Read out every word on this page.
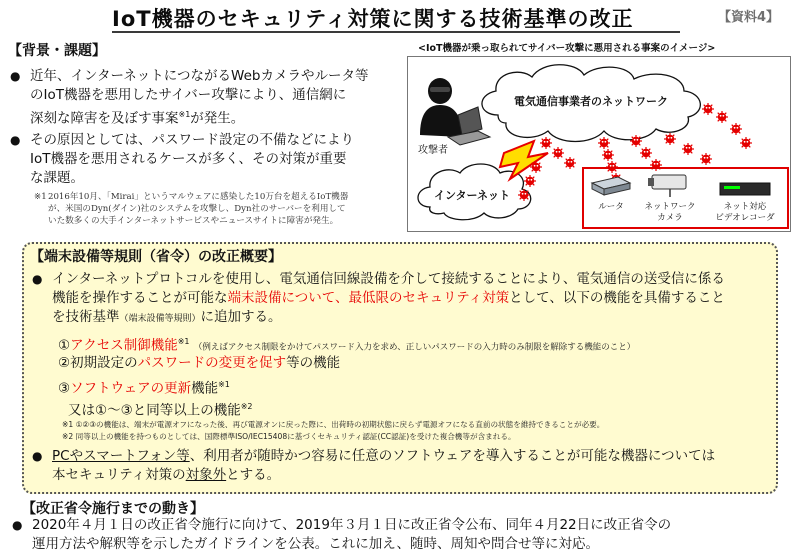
IoT機器のセキュリティ対策に関する技術基準の改正	【資料4】
【背景・課題】
● 近年、インターネットにつながるWebカメラやルータ等
のIoT機器を悪用したサイバー攻撃により、通信網に
深刻な障害を及ぼす事案$^{※1}$が発生。
● その原因としては、パスワード設定の不備などにより
IoT機器を悪用されるケースが多く、その対策が重要
な課題。
※1 2016年10月、「Mirai」というマルウェアに感染した10万台を超えるIoT機器
が、米国のDyn(ダイン)社のシステムを攻撃し、Dyn社のサーバーを利用して
いた数多くの大手インターネットサービスやニュースサイトに障害が発生。
<IoT機器が乗っ取られてサイバー攻撃に悪用される事案のイメージ>
電気通信事業者のネットワーク
インターネット
攻撃者
ルータ ネットワーク
カメラ
ネット対応
ビデオレコーダ
【端末設備等規則（省令）の改正概要】
● インターネットプロトコルを使用し、電気通信回線設備を介して接続することにより、電気通信の送受信に係る
機能を操作することが可能な端末設備について、最低限のセキュリティ対策として、以下の機能を具備すること
を技術基準（端末設備等規則）に追加する。
①アクセス制御機能$^{※1}$ （例えばアクセス制限をかけてパスワード入力を求め、正しいパスワードの入力時のみ制限を解除する機能のこと）
②初期設定のパスワードの変更を促す等の機能
③ソフトウェアの更新機能$^{※1}$
又は①～③と同等以上の機能$^{※2}$
※1 ①②③の機能は、端末が電源オフになった後、再び電源オンに戻った際に、出荷時の初期状態に戻らず電源オフになる直前の状態を維持できることが必要。
※2 同等以上の機能を持つものとしては、国際標準ISO/IEC15408に基づくセキュリティ認証(CC認証)を受けた複合機等が含まれる。
● PCやスマートフォン等、利用者が随時かつ容易に任意のソフトウェアを導入することが可能な機器については
本セキュリティ対策の対象外とする。
【改正省令施行までの動き】
● 2020年４月１日の改正省令施行に向けて、2019年３月１日に改正省令公布、同年４月22日に改正省令の
運用方法や解釈等を示したガイドラインを公表。これに加え、随時、周知や問合せ等に対応。
